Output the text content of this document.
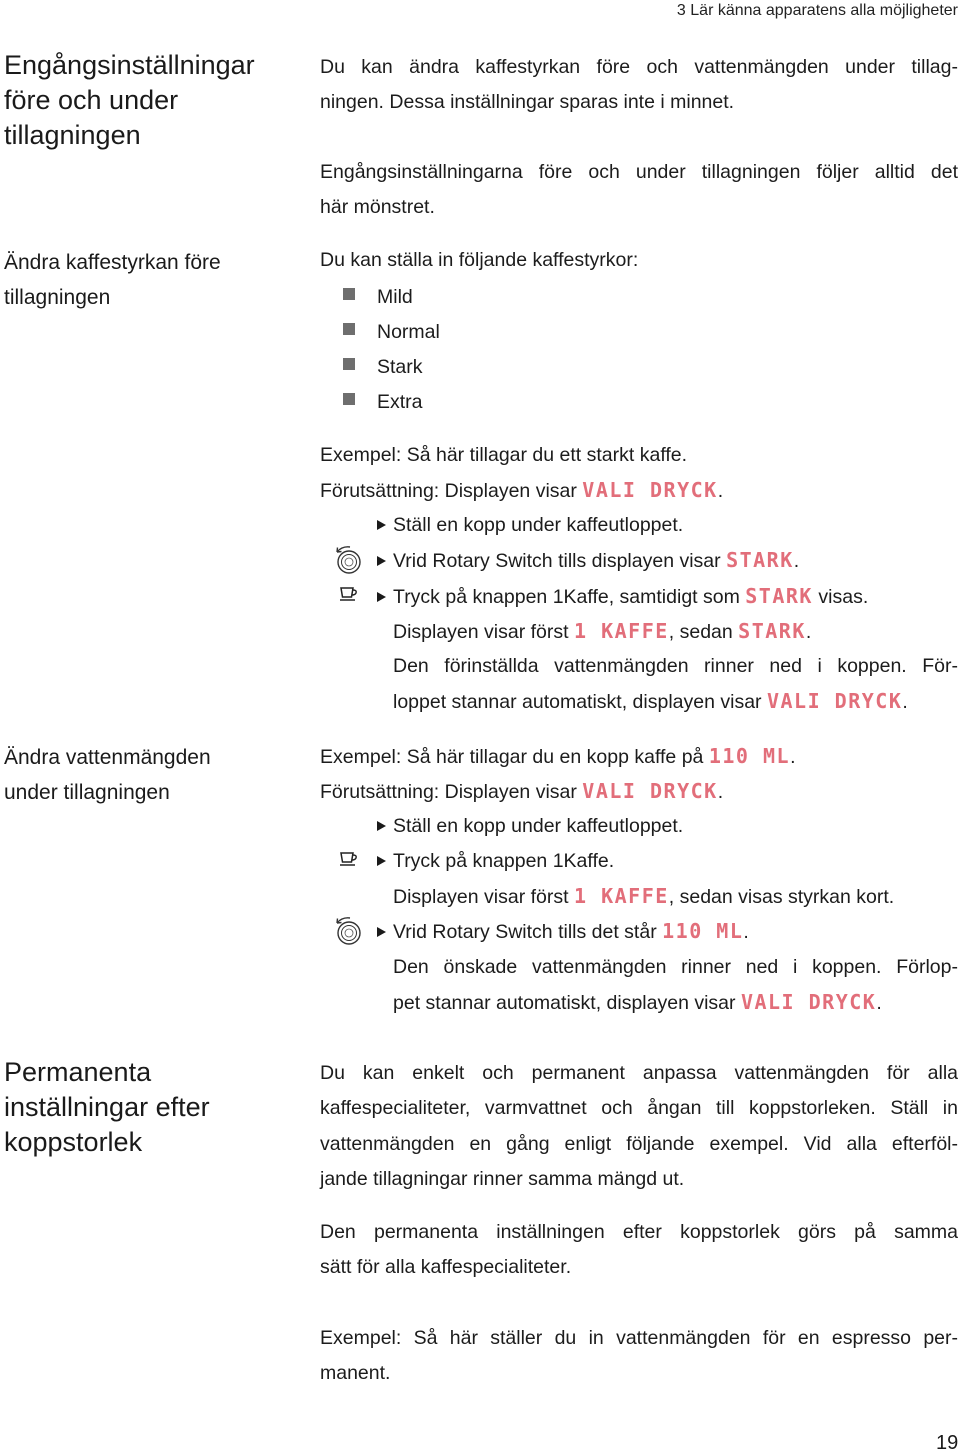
3 Lär känna apparatens alla möjligheter
Engångsinställningar
före och under
tillagningen
Du kan ändra kaffestyrkan före och vattenmängden under tillag-
ningen. Dessa inställningar sparas inte i minnet.
Engångsinställningarna före och under tillagningen följer alltid det
här mönstret.
Ändra kaffestyrkan före
tillagningen
Du kan ställa in följande kaffestyrkor:
Mild
Normal
Stark
Extra
Exempel: Så här tillagar du ett starkt kaffe.
Förutsättning: Displayen visar VALI DRYCK.
Ställ en kopp under kaffeutloppet.
Vrid Rotary Switch tills displayen visar STARK.
Tryck på knappen 1Kaffe, samtidigt som STARK visas.
Displayen visar först 1 KAFFE, sedan STARK.
Den förinställda vattenmängden rinner ned i koppen. För-
loppet stannar automatiskt, displayen visar VALI DRYCK.
Ändra vattenmängden
under tillagningen
Exempel: Så här tillagar du en kopp kaffe på 110 ML.
Förutsättning: Displayen visar VALI DRYCK.
Ställ en kopp under kaffeutloppet.
Tryck på knappen 1Kaffe.
Displayen visar först 1 KAFFE, sedan visas styrkan kort.
Vrid Rotary Switch tills det står 110 ML.
Den önskade vattenmängden rinner ned i koppen. Förlop-
pet stannar automatiskt, displayen visar VALI DRYCK.
Permanenta
inställningar efter
koppstorlek
Du kan enkelt och permanent anpassa vattenmängden för alla
kaffespecialiteter, varmvattnet och ångan till koppstorleken. Ställ in
vattenmängden en gång enligt följande exempel. Vid alla efterföl-
jande tillagningar rinner samma mängd ut.
Den permanenta inställningen efter koppstorlek görs på samma
sätt för alla kaffespecialiteter.
Exempel: Så här ställer du in vattenmängden för en espresso per-
manent.
19
